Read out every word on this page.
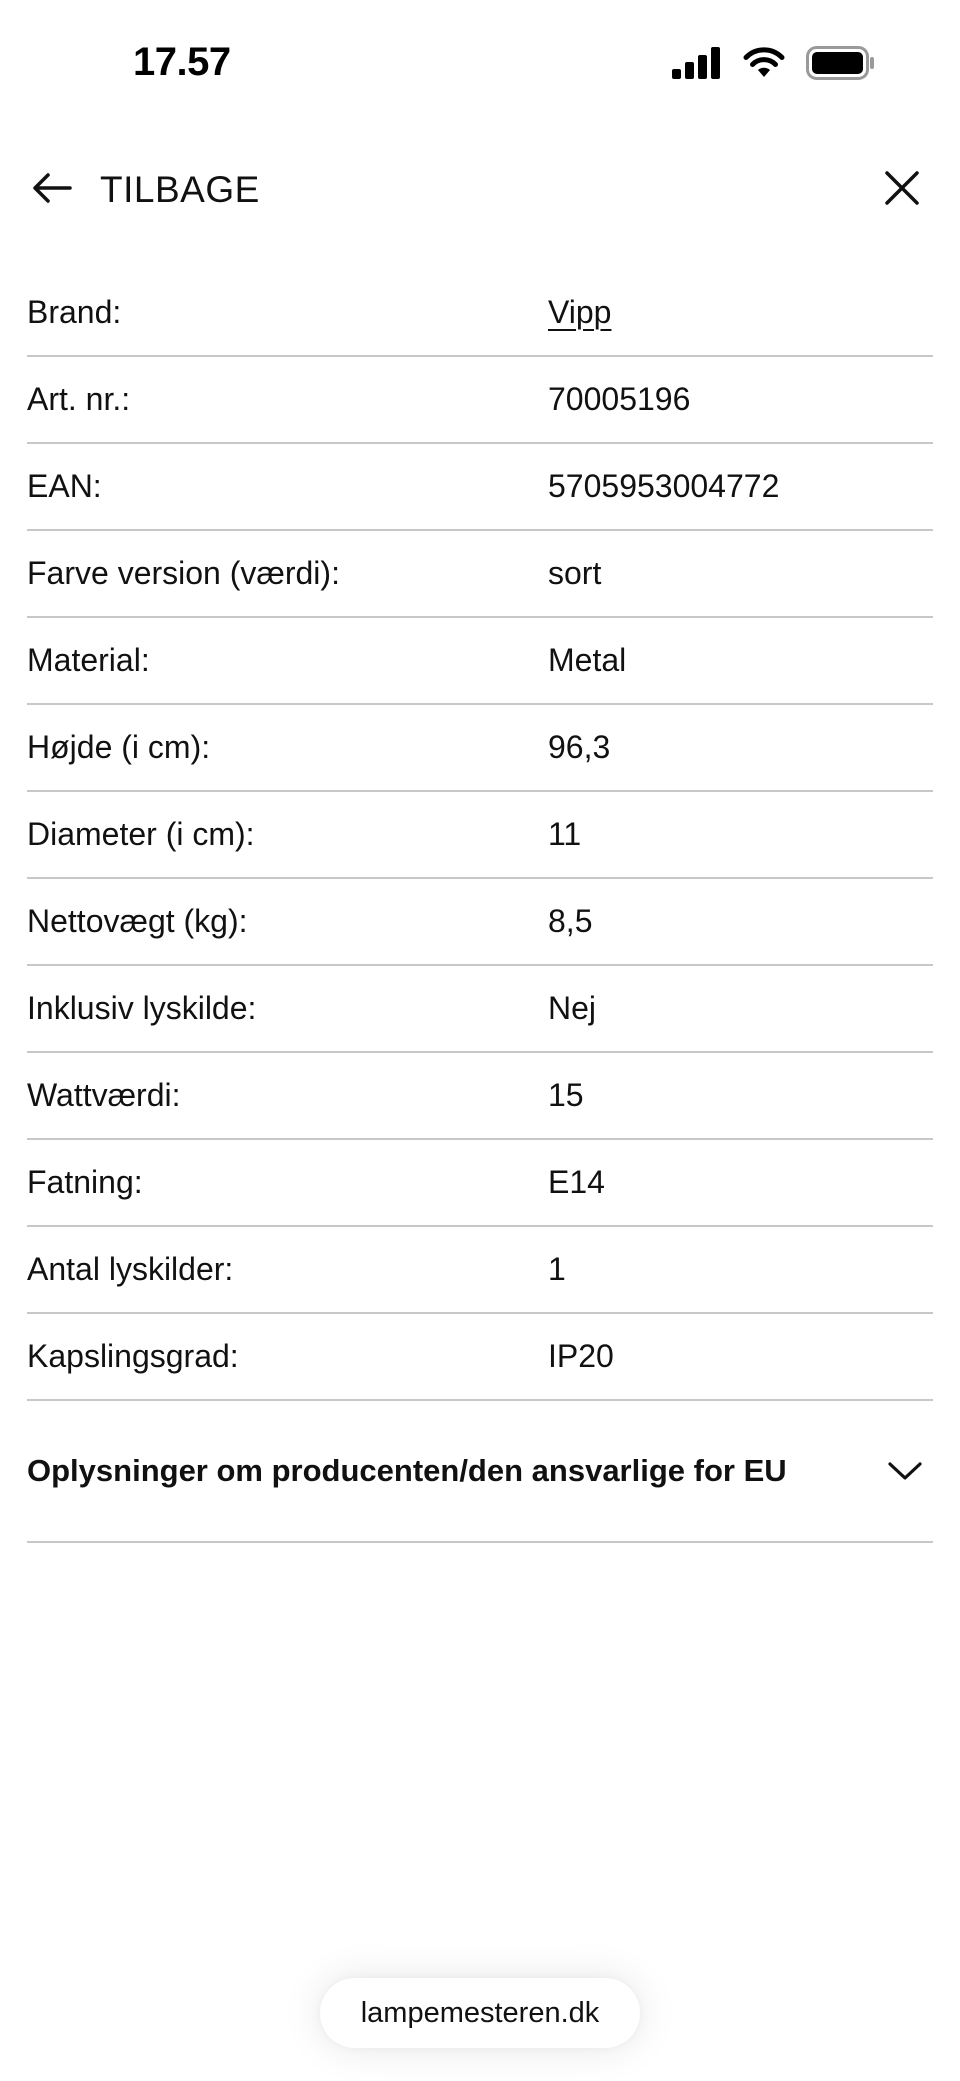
17.57
TILBAGE
Brand:	Vipp
Art. nr.:	70005196
EAN:	5705953004772
Farve version (værdi):	sort
Material:	Metal
Højde (i cm):	96,3
Diameter (i cm):	11
Nettovægt (kg):	8,5
Inklusiv lyskilde:	Nej
Wattværdi:	15
Fatning:	E14
Antal lyskilder:	1
Kapslingsgrad:	IP20
Oplysninger om producenten/den ansvarlige for EU
lampemesteren.dk
